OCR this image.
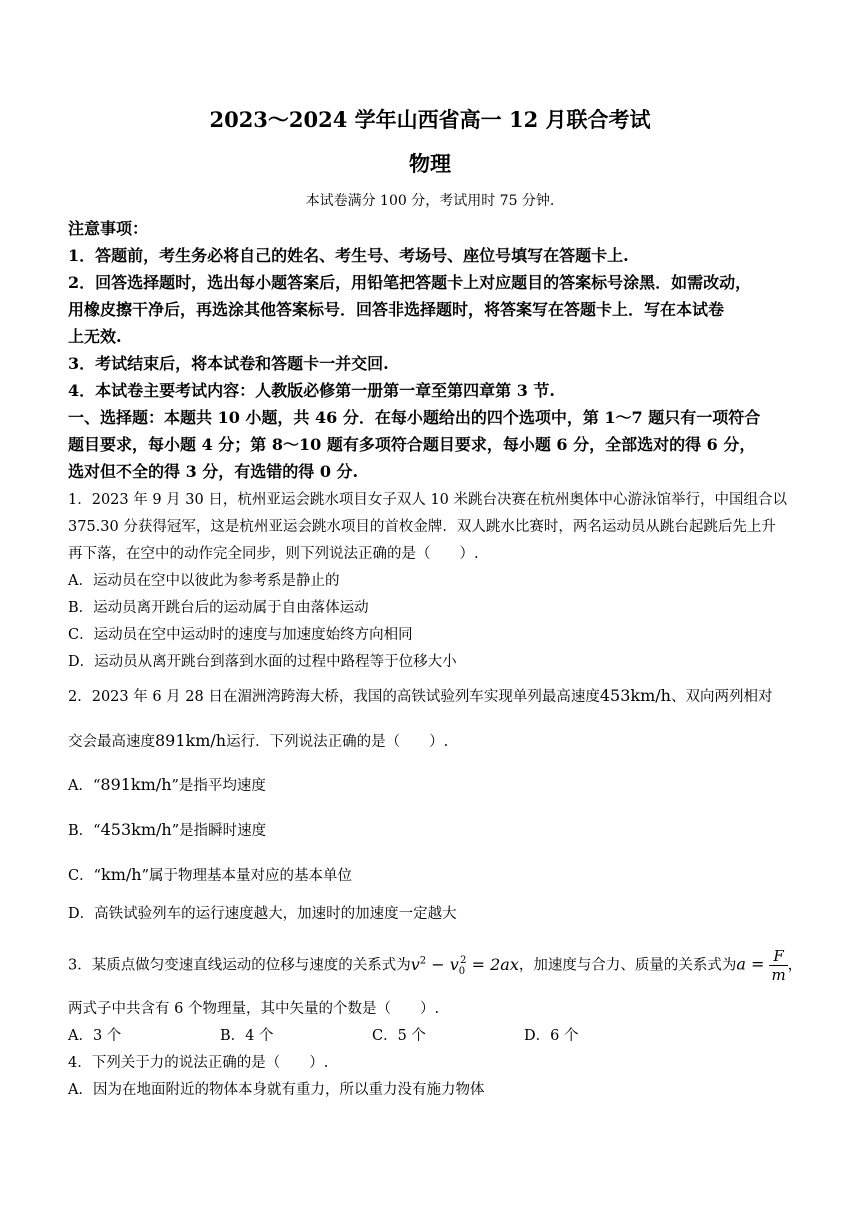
2023～2024 学年山西省高一 12 月联合考试
物理
本试卷满分 100 分，考试用时 75 分钟.
注意事项：
1．答题前，考生务必将自己的姓名、考生号、考场号、座位号填写在答题卡上.
2．回答选择题时，选出每小题答案后，用铅笔把答题卡上对应题目的答案标号涂黑．如需改动，
用橡皮擦干净后，再选涂其他答案标号．回答非选择题时，将答案写在答题卡上．写在本试卷
上无效.
3．考试结束后，将本试卷和答题卡一并交回.
4．本试卷主要考试内容：人教版必修第一册第一章至第四章第 3 节.
一、选择题：本题共 10 小题，共 46 分．在每小题给出的四个选项中，第 1～7 题只有一项符合
题目要求，每小题 4 分；第 8～10 题有多项符合题目要求，每小题 6 分，全部选对的得 6 分，
选对但不全的得 3 分，有选错的得 0 分.
1．2023 年 9 月 30 日，杭州亚运会跳水项目女子双人 10 米跳台决赛在杭州奥体中心游泳馆举行，中国组合以
375.30 分获得冠军，这是杭州亚运会跳水项目的首枚金牌．双人跳水比赛时，两名运动员从跳台起跳后先上升
再下落，在空中的动作完全同步，则下列说法正确的是（　　）.
A．运动员在空中以彼此为参考系是静止的
B．运动员离开跳台后的运动属于自由落体运动
C．运动员在空中运动时的速度与加速度始终方向相同
D．运动员从离开跳台到落到水面的过程中路程等于位移大小
2．2023 年 6 月 28 日在湄洲湾跨海大桥，我国的高铁试验列车实现单列最高速度453km/h、双向两列相对
交会最高速度891km/h运行．下列说法正确的是（　　）.
A．“891km/h”是指平均速度
B．“453km/h”是指瞬时速度
C．“km/h”属于物理基本量对应的基本单位
D．高铁试验列车的运行速度越大，加速时的加速度一定越大
3．某质点做匀变速直线运动的位移与速度的关系式为$v^2 - v_0^2 = 2ax$，加速度与合力、质量的关系式为$a = \frac{F}{m}$ ，
两式子中共含有 6 个物理量，其中矢量的个数是（　　）.
A．3 个	B．4 个	C．5 个	D．6 个
4．下列关于力的说法正确的是（　　）.
A．因为在地面附近的物体本身就有重力，所以重力没有施力物体
